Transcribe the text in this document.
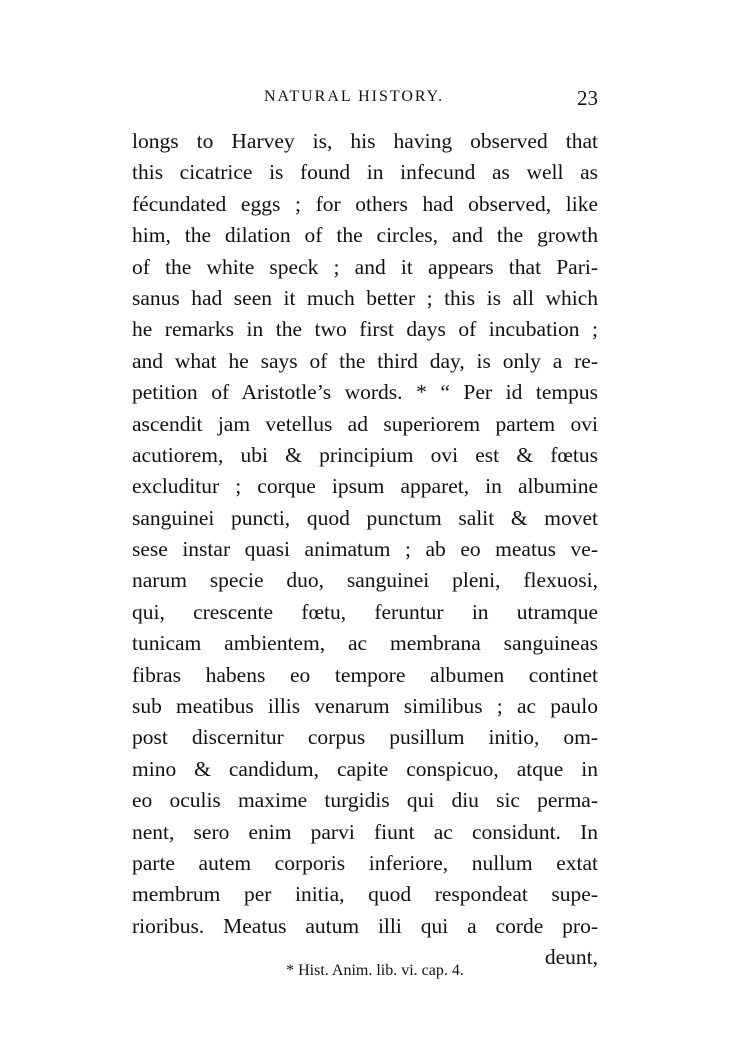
NATURAL HISTORY.	23
longs to Harvey is, his having observed that
this cicatrice is found in infecund as well as
fécundated eggs ; for others had observed, like
him, the dilation of the circles, and the growth
of the white speck ; and it appears that Pari-
sanus had seen it much better ; this is all which
he remarks in the two first days of incubation ;
and what he says of the third day, is only a re-
petition of Aristotle’s words. * “ Per id tempus
ascendit jam vetellus ad superiorem partem ovi
acutiorem, ubi & principium ovi est & fœtus
excluditur ; corque ipsum apparet, in albumine
sanguinei puncti, quod punctum salit & movet
sese instar quasi animatum ; ab eo meatus ve-
narum specie duo, sanguinei pleni, flexuosi,
qui, crescente fœtu, feruntur in utramque
tunicam ambientem, ac membrana sanguineas
fibras habens eo tempore albumen continet
sub meatibus illis venarum similibus ; ac paulo
post discernitur corpus pusillum initio, om-
mino & candidum, capite conspicuo, atque in
eo oculis maxime turgidis qui diu sic perma-
nent, sero enim parvi fiunt ac considunt. In
parte autem corporis inferiore, nullum extat
membrum per initia, quod respondeat supe-
rioribus. Meatus autum illi qui a corde pro-
deunt,
* Hist. Anim. lib. vi. cap. 4.
